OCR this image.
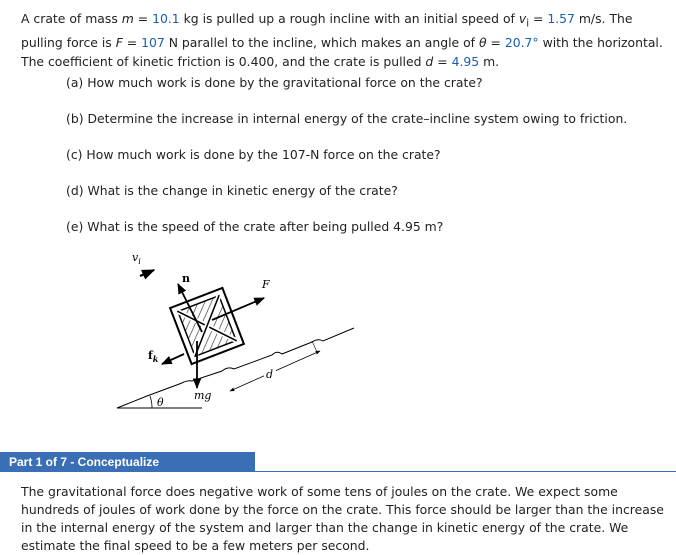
A crate of mass m = 10.1 kg is pulled up a rough incline with an initial speed of $v_i = 1.57$ m/s. The
pulling force is F = 107 N parallel to the incline, which makes an angle of θ = 20.7° with the horizontal.
The coefficient of kinetic friction is 0.400, and the crate is pulled d = 4.95 m.
(a) How much work is done by the gravitational force on the crate?
(b) Determine the increase in internal energy of the crate–incline system owing to friction.
(c) How much work is done by the 107-N force on the crate?
(d) What is the change in kinetic energy of the crate?
(e) What is the speed of the crate after being pulled 4.95 m?
θ
$v_i$
n	F
$f_k$
mg
d
Part 1 of 7 - Conceptualize
The gravitational force does negative work of some tens of joules on the crate. We expect some hundreds of joules of work done by the force on the crate. This force should be larger than the increase in the internal energy of the system and larger than the change in kinetic energy of the crate. We estimate the final speed to be a few meters per second.
